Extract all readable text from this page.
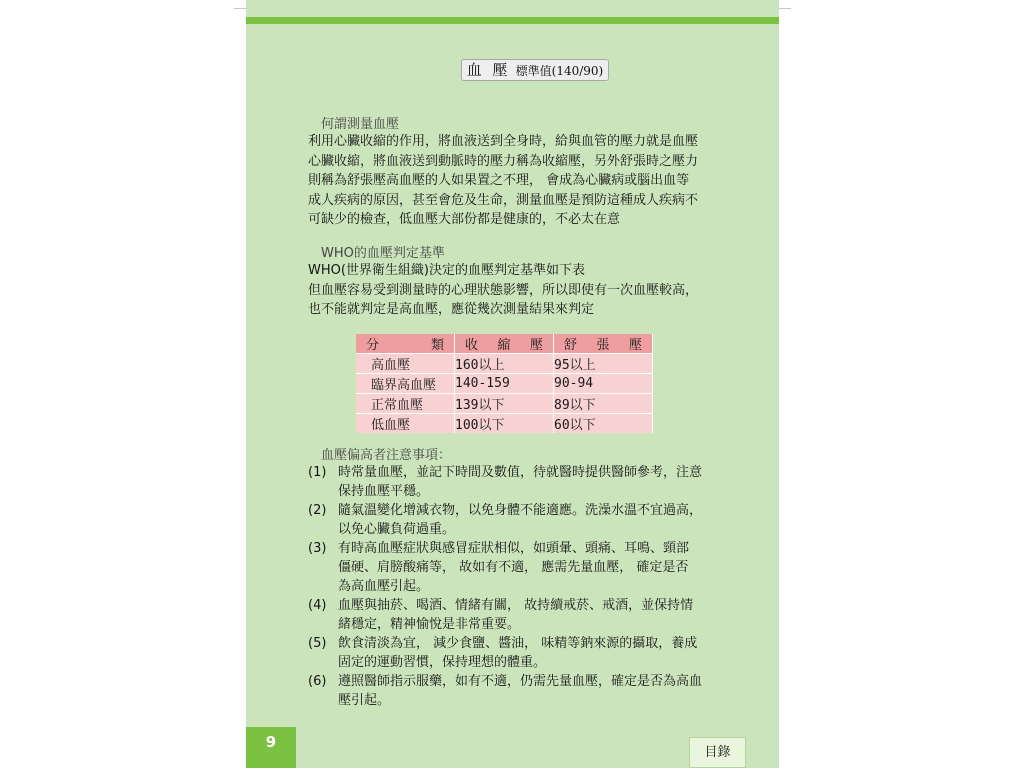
血 壓 標準值(140/90)
何謂測量血壓
利用心臟收縮的作用，將血液送到全身時，給與血管的壓力就是血壓
心臟收縮，將血液送到動脈時的壓力稱為收縮壓，另外舒張時之壓力
則稱為舒張壓高血壓的人如果置之不理， 會成為心臟病或腦出血等
成人疾病的原因，甚至會危及生命，測量血壓是預防這種成人疾病不
可缺少的檢查，低血壓大部份都是健康的，不必太在意
WHO的血壓判定基準
WHO(世界衛生組織)決定的血壓判定基準如下表
但血壓容易受到測量時的心理狀態影響，所以即使有一次血壓較高，
也不能就判定是高血壓，應從幾次測量結果來判定
分 類	收 縮 壓	舒 張 壓

高血壓	160以上	95以上
臨界高血壓	140-159	90-94
正常血壓	139以下	89以下
低血壓	100以下	60以下
血壓偏高者注意事項：
(1) 時常量血壓，並記下時間及數值，待就醫時提供醫師參考，注意
保持血壓平穩。
(2) 隨氣溫變化增減衣物，以免身體不能適應。洗澡水溫不宜過高，
以免心臟負荷過重。
(3) 有時高血壓症狀與感冒症狀相似，如頭暈、頭痛、耳鳴、頸部
僵硬、肩膀酸痛等， 故如有不適， 應需先量血壓， 確定是否
為高血壓引起。
(4) 血壓與抽菸、喝酒、情緒有關， 故持續戒菸、戒酒，並保持情
緒穩定，精神愉悅是非常重要。
(5) 飲食清淡為宜， 減少食鹽、醬油， 味精等鈉來源的攝取，養成
固定的運動習慣，保持理想的體重。
(6) 遵照醫師指示服藥，如有不適，仍需先量血壓，確定是否為高血
壓引起。
9
目錄
